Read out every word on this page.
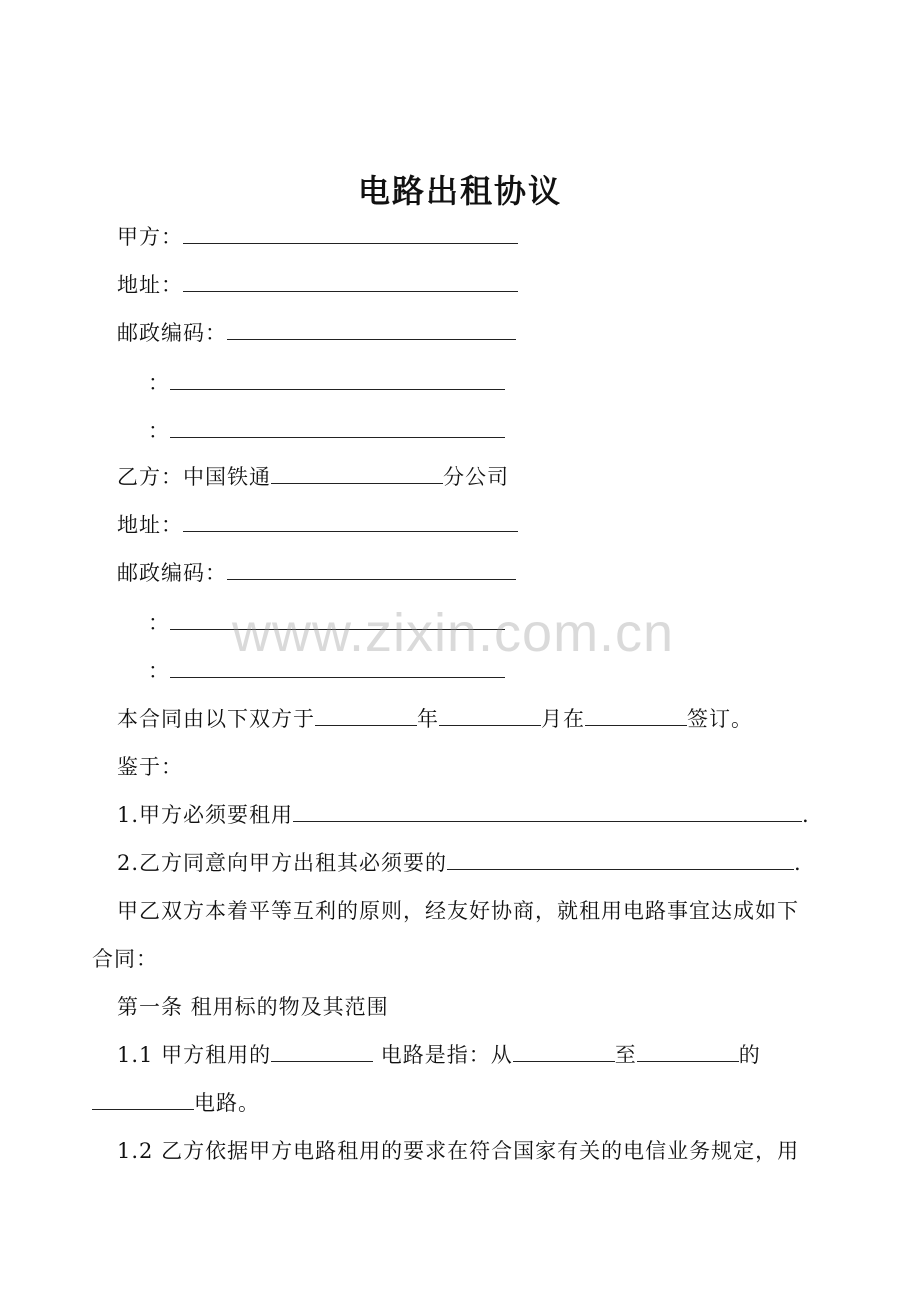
电路出租协议
甲方：
地址：
邮政编码：
：
：
乙方：中国铁通	分公司
地址：
邮政编码：
：
：
本合同由以下双方于	年	月在	签订。
鉴于：
1.甲方必须要租用	.
2.乙方同意向甲方出租其必须要的	.
甲乙双方本着平等互利的原则，经友好协商，就租用电路事宜达成如下
合同：
第一条 租用标的物及其范围
1.1 甲方租用的	电路是指：从	至	的
电路。
1.2 乙方依据甲方电路租用的要求在符合国家有关的电信业务规定，用
www.zixin.com.cn
